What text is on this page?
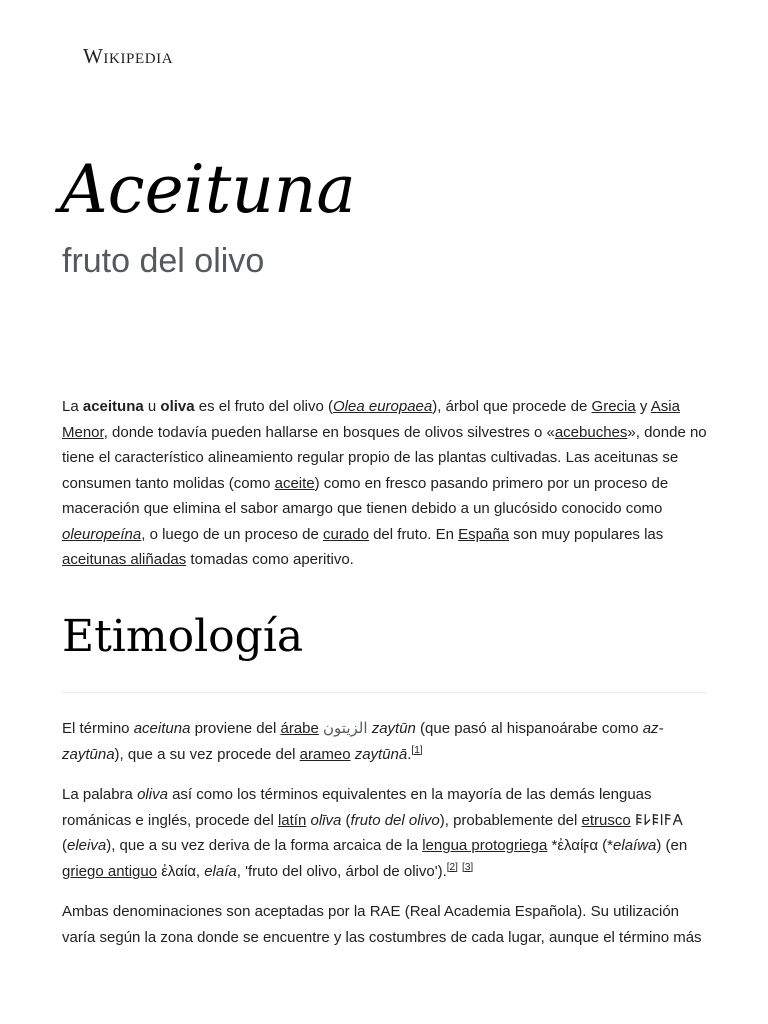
Wikipedia
Aceituna
fruto del olivo

La aceituna u oliva es el fruto del olivo (Olea europaea), árbol que procede de Grecia y Asia Menor, donde todavía pueden hallarse en bosques de olivos silvestres o «acebuches», donde no tiene el característico alineamiento regular propio de las plantas cultivadas. Las aceitunas se consumen tanto molidas (como aceite) como en fresco pasando primero por un proceso de maceración que elimina el sabor amargo que tienen debido a un glucósido conocido como oleuropeína, o luego de un proceso de curado del fruto. En España son muy populares las aceitunas aliñadas tomadas como aperitivo.

Etimología

El término aceituna proviene del árabe الزيتون zaytūn (que pasó al hispanoárabe como az-zaytūna), que a su vez procede del arameo zaytūnā.[1]

La palabra oliva así como los términos equivalentes en la mayoría de las demás lenguas románicas e inglés, procede del latín olīva (fruto del olivo), probablemente del etrusco 𐌄𐌋𐌄𐌉𐌅𐌀 (eleiva), que a su vez deriva de la forma arcaica de la lengua protogriega *ἐλαίϝα (*elaíwa) (en griego antiguo ἐλαία, elaía, 'fruto del olivo, árbol de olivo').[2] [3]

Ambas denominaciones son aceptadas por la RAE (Real Academia Española). Su utilización varía según la zona donde se encuentre y las costumbres de cada lugar, aunque el término más
